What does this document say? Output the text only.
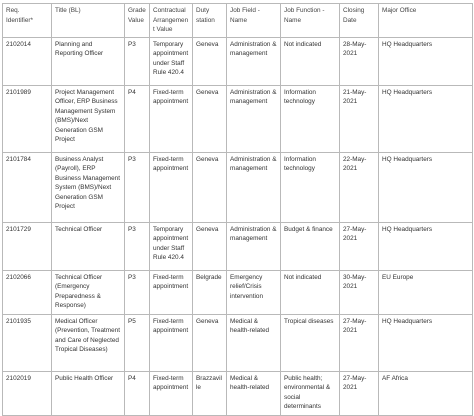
Req. Identifier*	Title (BL)	Grade Value	Contractual Arrangement Value	Duty station	Job Field - Name	Job Function - Name	Closing Date	Major Office
2102014	Planning and Reporting Officer	P3	Temporary appointment under Staff Rule 420.4	Geneva	Administration & management	Not indicated	28-May-2021	HQ Headquarters
2101989	Project Management Officer, ERP Business Management System (BMS)/Next Generation GSM Project	P4	Fixed-term appointment	Geneva	Administration & management	Information technology	21-May-2021	HQ Headquarters
2101784	Business Analyst (Payroll), ERP Business Management System (BMS)/Next Generation GSM Project	P3	Fixed-term appointment	Geneva	Administration & management	Information technology	22-May-2021	HQ Headquarters
2101729	Technical Officer	P3	Temporary appointment under Staff Rule 420.4	Geneva	Administration & management	Budget & finance	27-May-2021	HQ Headquarters
2102066	Technical Officer (Emergency Preparedness & Response)	P3	Fixed-term appointment	Belgrade	Emergency relief/Crisis intervention	Not indicated	30-May-2021	EU Europe
2101935	Medical Officer (Prevention, Treatment and Care of Neglected Tropical Diseases)	P5	Fixed-term appointment	Geneva	Medical & health-related	Tropical diseases	27-May-2021	HQ Headquarters
2102019	Public Health Officer	P4	Fixed-term appointment	Brazzaville	Medical & health-related	Public health; environmental & social determinants	27-May-2021	AF Africa
